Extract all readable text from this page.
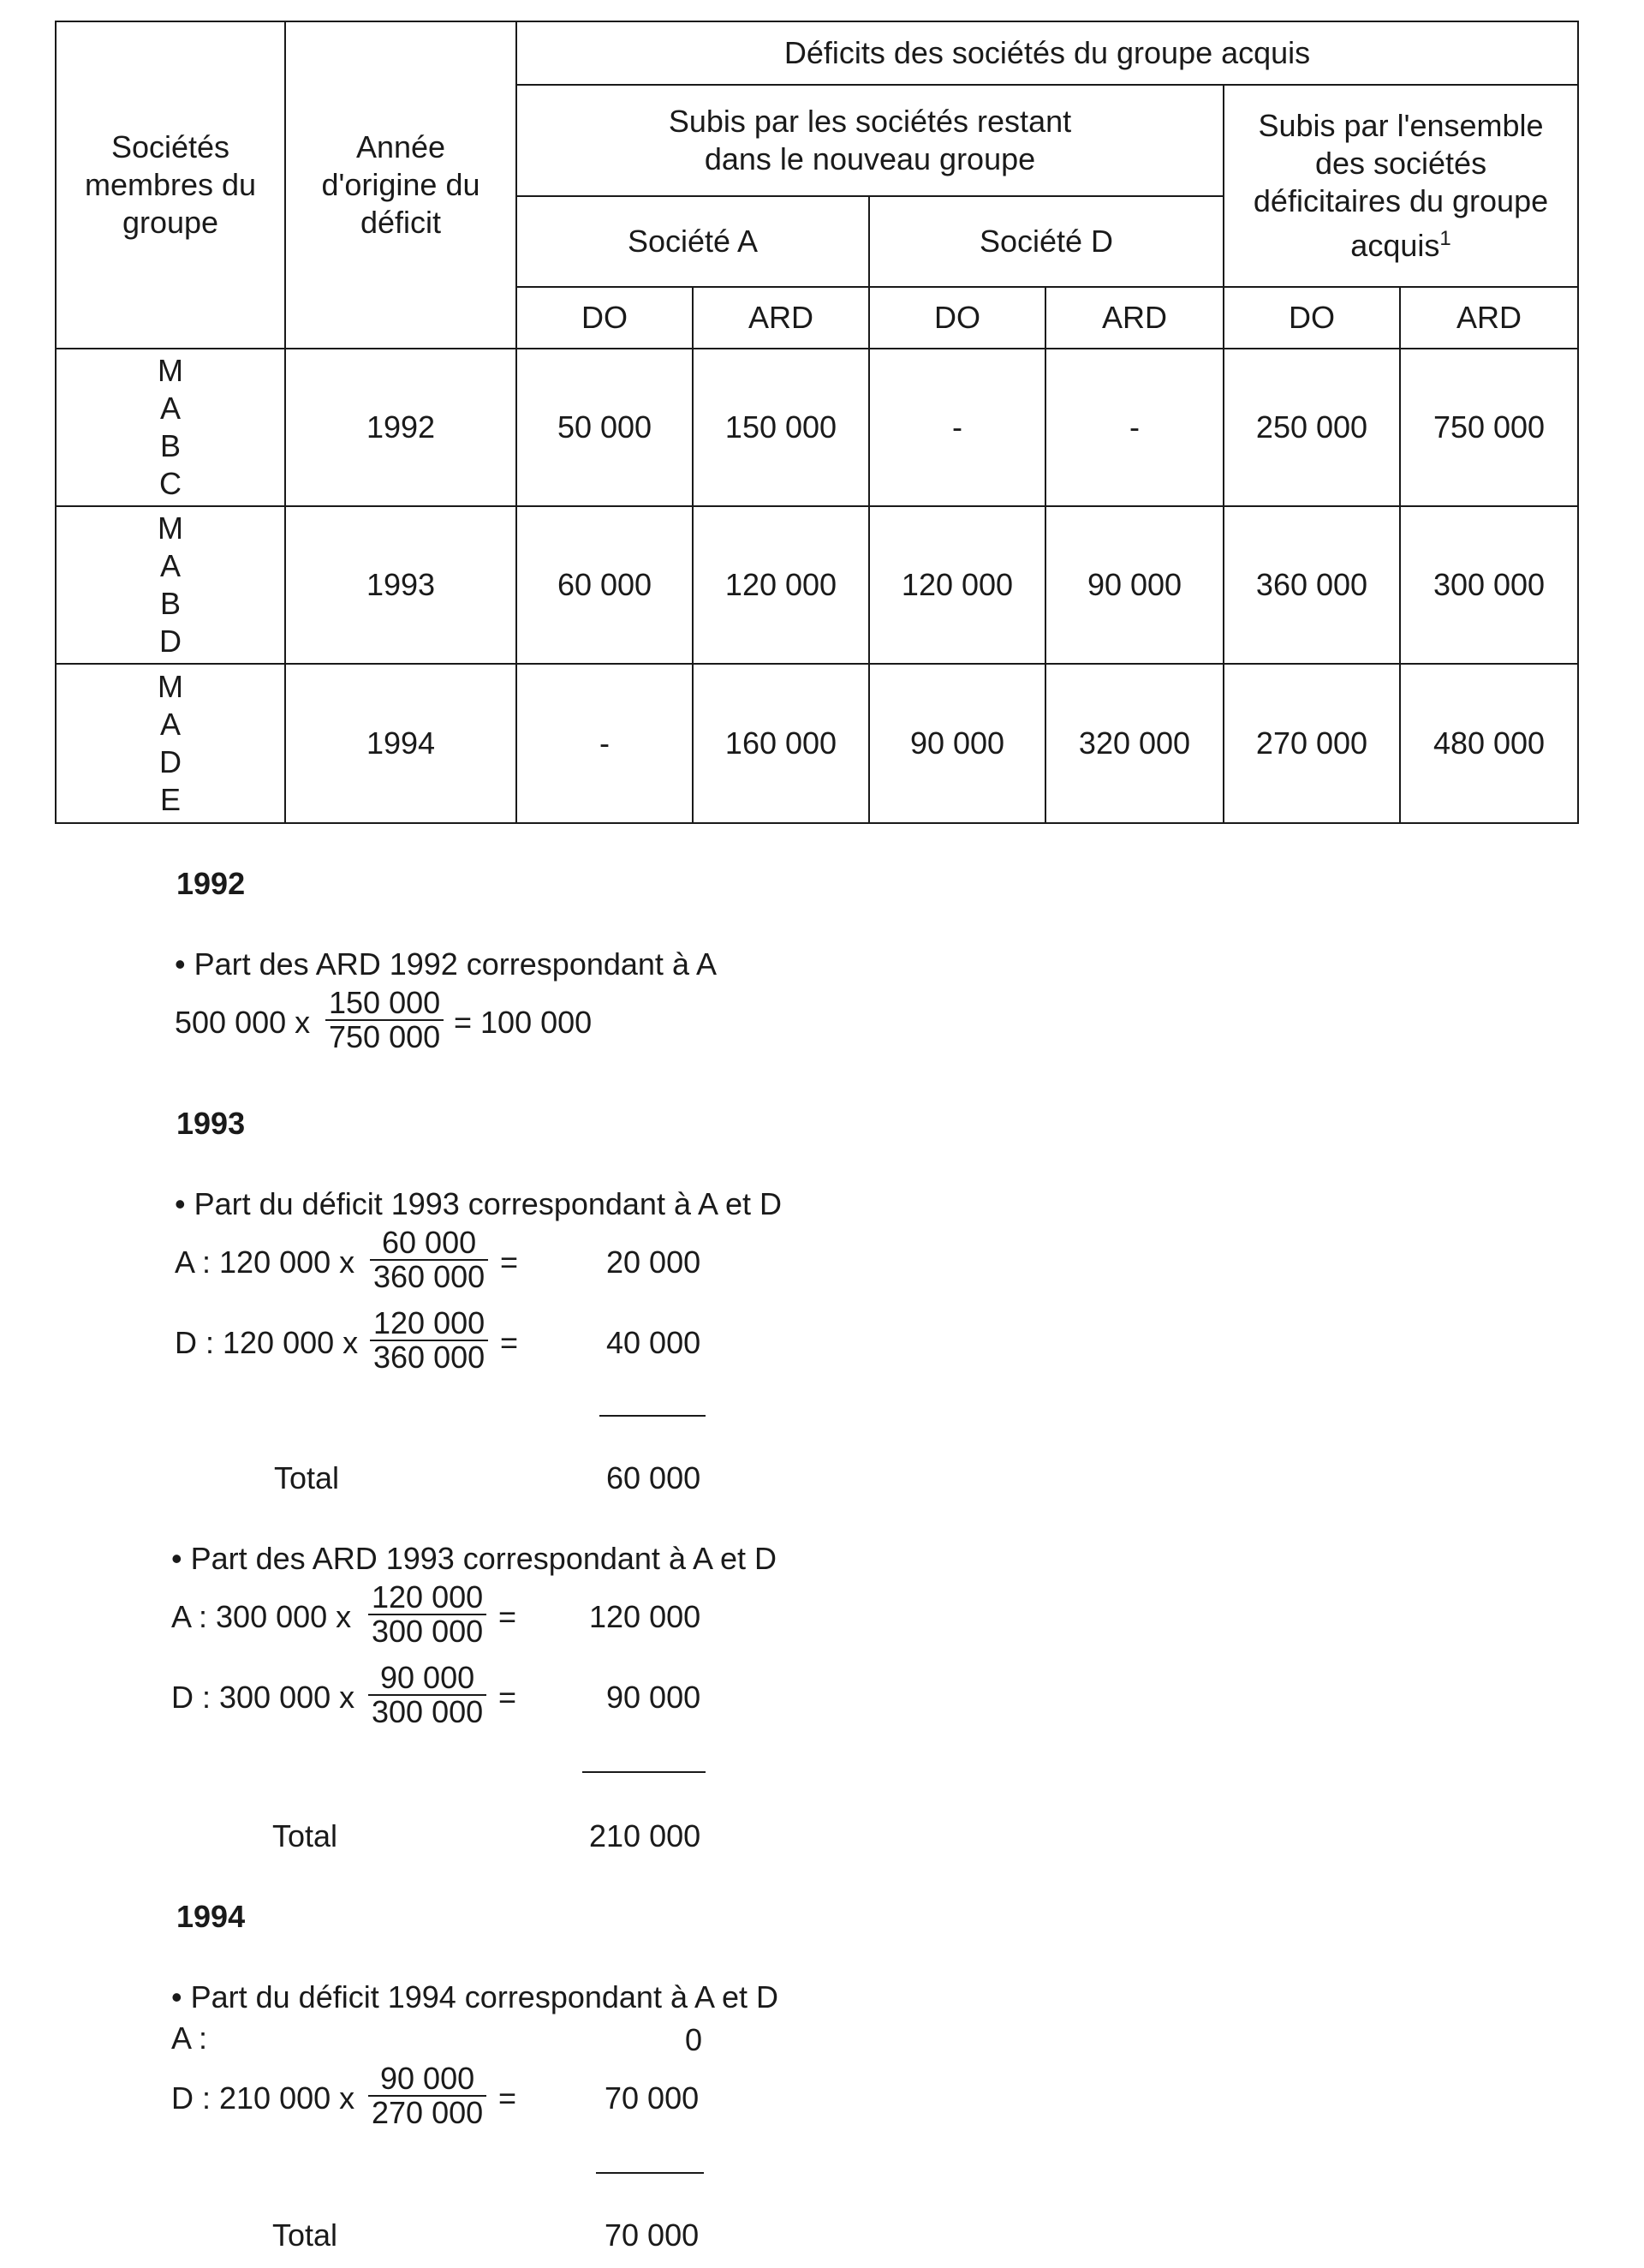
Sociétés membres du groupe	Année d'origine du déficit	Déficits des sociétés du groupe acquis					
		Subis par les sociétés restant dans le nouveau groupe				Subis par l'ensemble des sociétés
déficitaires du groupe acquis$^1$
		Société A		Société D			
		DO	ARD	DO	ARD	DO	ARD

M
A
B
C	1992	50 000	150 000	-	-	250 000	750 000

M
A
B
D	1993	60 000	120 000	120 000	90 000	360 000	300 000

M
A
D
E	1994	-	160 000	90 000	320 000	270 000	480 000
1992
• Part des ARD 1992 correspondant à A
500 000 x $\frac{150 000}{750 000} = 100$ 000
1993
• Part du déficit 1993 correspondant à A et D
A : 120 000 x $\frac{60 000}{360 000}$ =	20 000
D : 120 000 x $\frac{120 000}{360 000}$ =	40 000
Total	60 000
• Part des ARD 1993 correspondant à A et D
A : 300 000 x $\frac{120 000}{300 000} = 120$ 000
D : 300 000 x $\frac{90 000}{300 000}$ =	90 000
Total	210 000
1994
• Part du déficit 1994 correspondant à A et D
A :	0
D : 210 000 x $\frac{90 000}{270 000}$ =	70 000
Total	70 000
